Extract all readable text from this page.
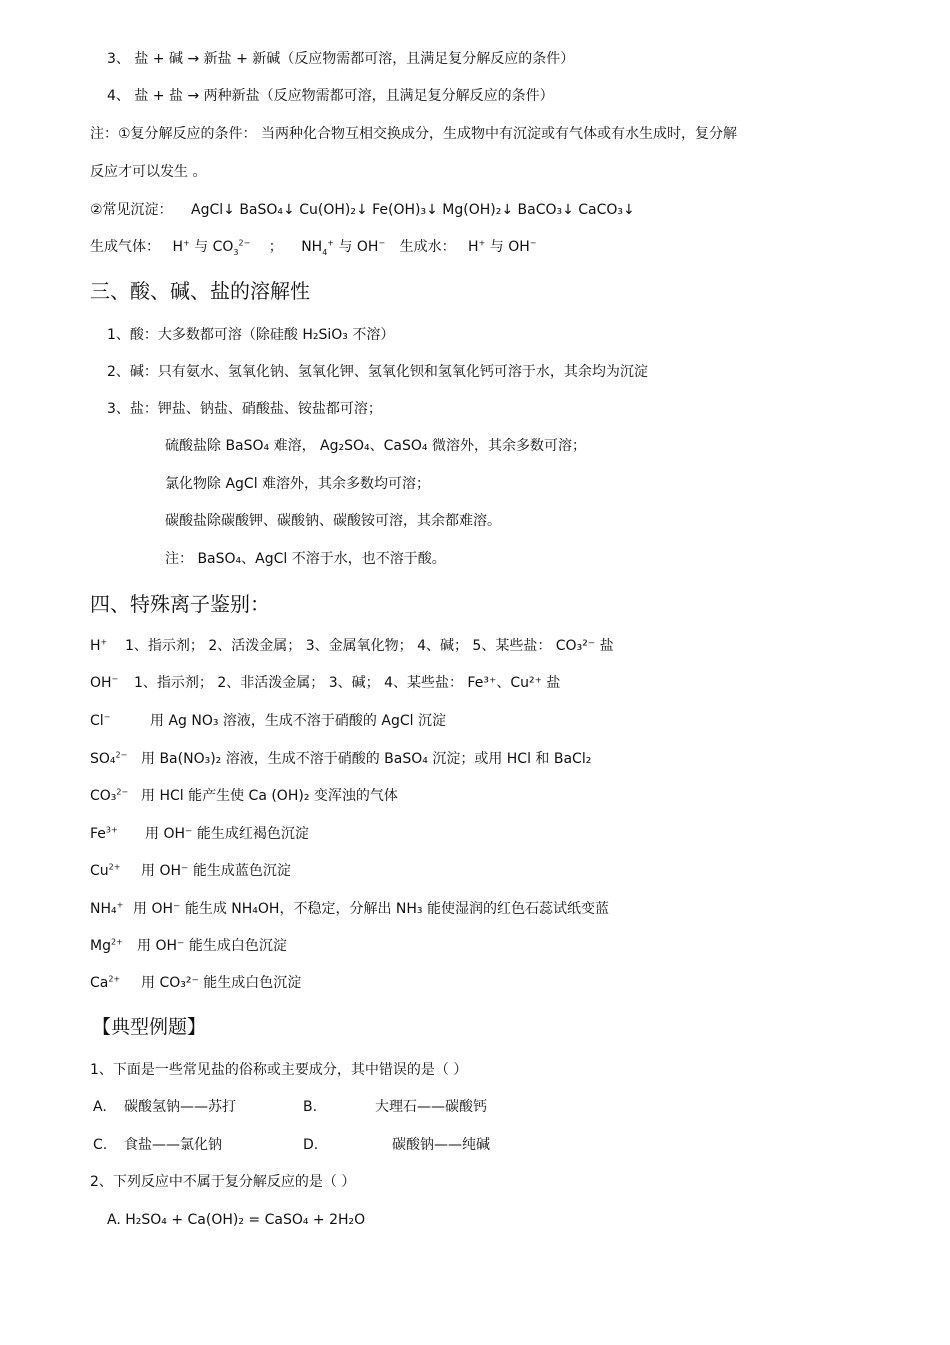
3、 盐 + 碱 → 新盐 + 新碱（反应物需都可溶，且满足复分解反应的条件）
4、 盐 + 盐 → 两种新盐（反应物需都可溶，且满足复分解反应的条件）
注：①复分解反应的条件： 当两种化合物互相交换成分，生成物中有沉淀或有气体或有水生成时，复分解
反应才可以发生 。
②常见沉淀： AgCl↓ BaSO₄↓ Cu(OH)₂↓ Fe(OH)₃↓ Mg(OH)₂↓ BaCO₃↓ CaCO₃↓
生成气体： H+ 与 $CO_3^{2-}$ ； $NH_4^+$ 与 OH− 生成水： H+ 与 OH−
三、酸、碱、盐的溶解性
1、酸：大多数都可溶（除硅酸 H₂SiO₃ 不溶）
2、碱：只有氨水、氢氧化钠、氢氧化钾、氢氧化钡和氢氧化钙可溶于水，其余均为沉淀
3、盐：钾盐、钠盐、硝酸盐、铵盐都可溶；
硫酸盐除 BaSO₄ 难溶， Ag₂SO₄、CaSO₄ 微溶外，其余多数可溶；
氯化物除 AgCl 难溶外，其余多数均可溶；
碳酸盐除碳酸钾、碳酸钠、碳酸铵可溶，其余都难溶。
注： BaSO₄、AgCl 不溶于水，也不溶于酸。
四、特殊离子鉴别：
H+ 1、指示剂； 2、活泼金属； 3、金属氧化物； 4、碱； 5、某些盐： CO₃²⁻ 盐
OH− 1、指示剂； 2、非活泼金属； 3、碱； 4、某些盐： Fe³⁺、Cu²⁺ 盐
Cl−	用 Ag NO₃ 溶液，生成不溶于硝酸的 AgCl 沉淀
SO₄$^{2-}$ 用 Ba(NO₃)₂ 溶液，生成不溶于硝酸的 BaSO₄ 沉淀；或用 HCl 和 BaCl₂
CO₃$^{2-}$ 用 HCl 能产生使 Ca (OH)₂ 变浑浊的气体
$Fe^{3+}$ 用 OH⁻ 能生成红褐色沉淀
$Cu^{2+}$ 用 OH⁻ 能生成蓝色沉淀
NH₄+ 用 OH⁻ 能生成 NH₄OH，不稳定，分解出 NH₃ 能使湿润的红色石蕊试纸变蓝
$Mg^{2+}$ 用 OH⁻ 能生成白色沉淀
$Ca^{2+}$ 用 CO₃²⁻ 能生成白色沉淀
【典型例题】
1、下面是一些常见盐的俗称或主要成分，其中错误的是（ ）
A. 碳酸氢钠——苏打	B.	大理石——碳酸钙
C. 食盐——氯化钠	D.	碳酸钠——纯碱
2、下列反应中不属于复分解反应的是（ ）
A. H₂SO₄ + Ca(OH)₂ = CaSO₄ + 2H₂O
